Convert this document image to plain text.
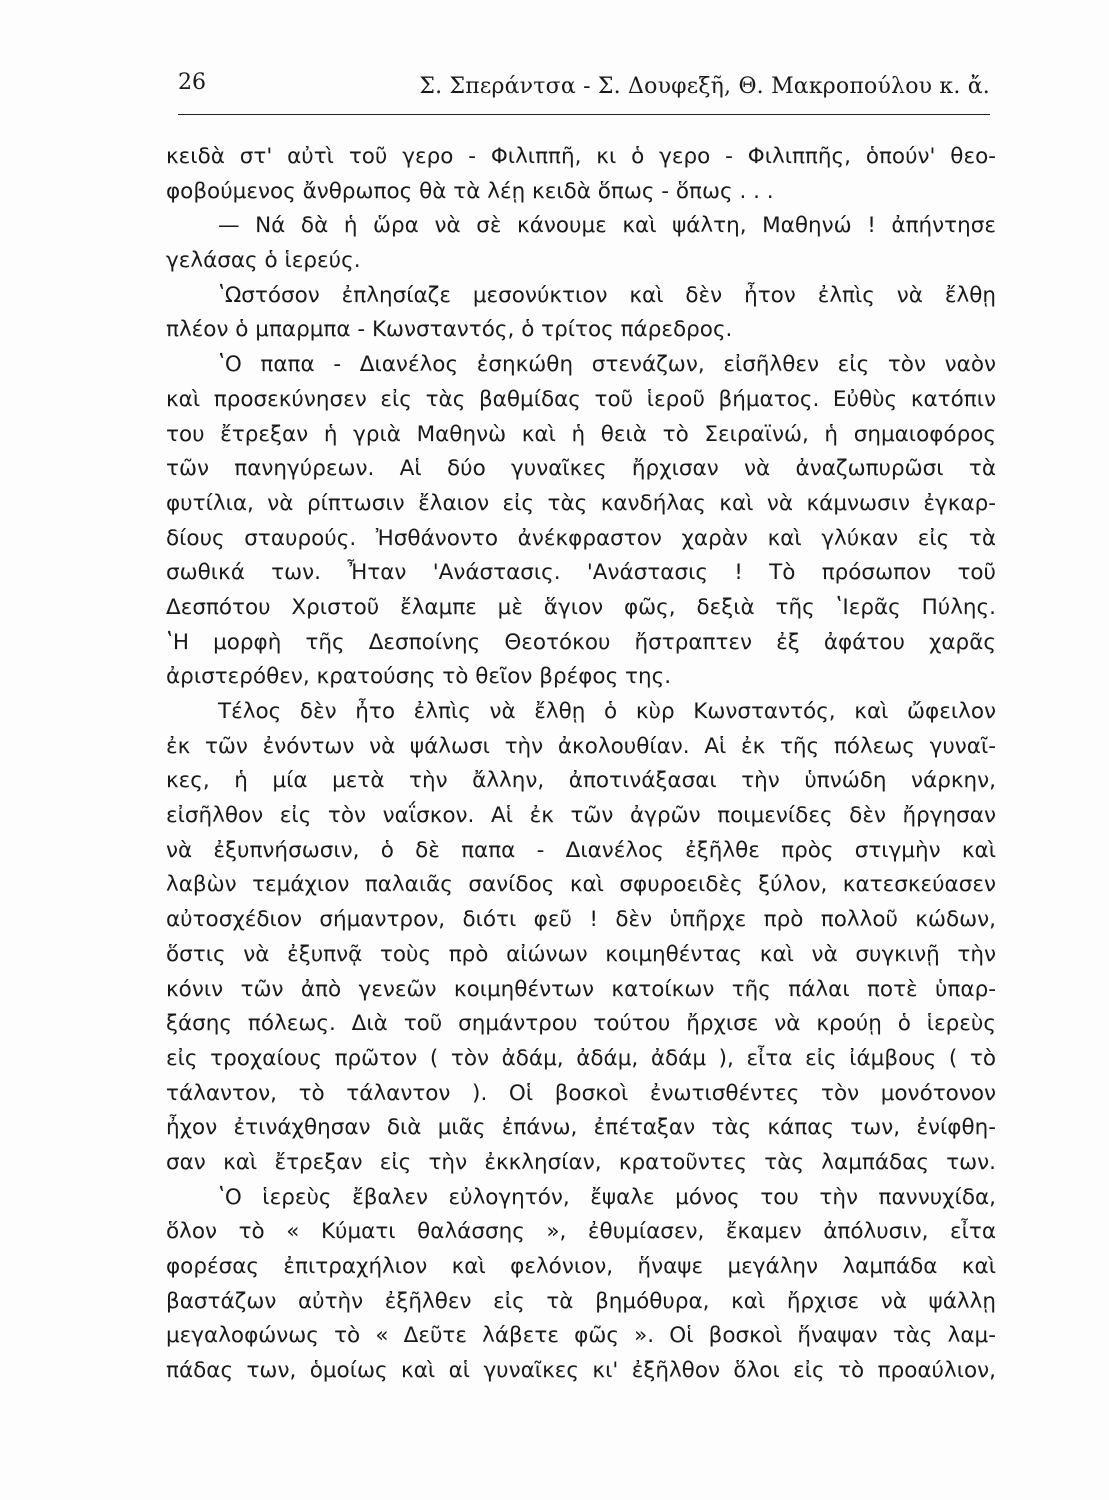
26	Σ. Σπεράντσα - Σ. Δουφεξῆ, Θ. Μακροπούλου κ. ἄ.
κειδὰ στ' αὐτὶ τοῦ γερο - Φιλιππῆ, κι ὁ γερο - Φιλιππῆς, ὁπούν' θεο-
φοβούμενος ἄνθρωπος θὰ τὰ λέῃ κειδὰ ὅπως - ὅπως . . .
— Νά δὰ ἡ ὥρα νὰ σὲ κάνουμε καὶ ψάλτη, Μαθηνώ ! ἀπήντησε
γελάσας ὁ ἱερεύς.
ʽΩστόσον ἐπλησίαζε μεσονύκτιον καὶ δὲν ἦτον ἐλπὶς νὰ ἔλθῃ
πλέον ὁ μπαρμπα - Κωνσταντός, ὁ τρίτος πάρεδρος.
ʽΟ παπα - Διανέλος ἐσηκώθη στενάζων, εἰσῆλθεν εἰς τὸν ναὸν
καὶ προσεκύνησεν εἰς τὰς βαθμίδας τοῦ ἱεροῦ βήματος. Εὐθὺς κατόπιν
του ἔτρεξαν ἡ γριὰ Μαθηνὼ καὶ ἡ θειὰ τὸ Σειραϊνώ, ἡ σημαιοφόρος
τῶν πανηγύρεων. Αἱ δύο γυναῖκες ἤρχισαν νὰ ἀναζωπυρῶσι τὰ
φυτίλια, νὰ ρίπτωσιν ἔλαιον εἰς τὰς κανδήλας καὶ νὰ κάμνωσιν ἐγκαρ-
δίους σταυρούς. Ἠσθάνοντο ἀνέκφραστον χαρὰν καὶ γλύκαν εἰς τὰ
σωθικά των. Ἦταν 'Ανάστασις. 'Ανάστασις ! Τὸ πρόσωπον τοῦ
Δεσπότου Χριστοῦ ἔλαμπε μὲ ἅγιον φῶς, δεξιὰ τῆς ʽΙερᾶς Πύλης.
ʽΗ μορφὴ τῆς Δεσποίνης Θεοτόκου ἤστραπτεν ἐξ ἀφάτου χαρᾶς
ἀριστερόθεν, κρατούσης τὸ θεῖον βρέφος της.
Τέλος δὲν ἦτο ἐλπὶς νὰ ἔλθῃ ὁ κὺρ Κωνσταντός, καὶ ὤφειλον
ἐκ τῶν ἐνόντων νὰ ψάλωσι τὴν ἀκολουθίαν. Αἱ ἐκ τῆς πόλεως γυναῖ-
κες, ἡ μία μετὰ τὴν ἄλλην, ἀποτινάξασαι τὴν ὑπνώδη νάρκην,
εἰσῆλθον εἰς τὸν ναΐσκον. Αἱ ἐκ τῶν ἀγρῶν ποιμενίδες δὲν ἤργησαν
νὰ ἐξυπνήσωσιν, ὁ δὲ παπα - Διανέλος ἐξῆλθε πρὸς στιγμὴν καὶ
λαβὼν τεμάχιον παλαιᾶς σανίδος καὶ σφυροειδὲς ξύλον, κατεσκεύασεν
αὐτοσχέδιον σήμαντρον, διότι φεῦ ! δὲν ὑπῆρχε πρὸ πολλοῦ κώδων,
ὅστις νὰ ἐξυπνᾷ τοὺς πρὸ αἰώνων κοιμηθέντας καὶ νὰ συγκινῇ τὴν
κόνιν τῶν ἀπὸ γενεῶν κοιμηθέντων κατοίκων τῆς πάλαι ποτὲ ὑπαρ-
ξάσης πόλεως. Διὰ τοῦ σημάντρου τούτου ἤρχισε νὰ κρούῃ ὁ ἱερεὺς
εἰς τροχαίους πρῶτον ( τὸν ἀδάμ, ἀδάμ, ἀδάμ ), εἶτα εἰς ἰάμβους ( τὸ
τάλαντον, τὸ τάλαντον ). Οἱ βοσκοὶ ἐνωτισθέντες τὸν μονότονον
ἦχον ἐτινάχθησαν διὰ μιᾶς ἐπάνω, ἐπέταξαν τὰς κάπας των, ἐνίφθη-
σαν καὶ ἔτρεξαν εἰς τὴν ἐκκλησίαν, κρατοῦντες τὰς λαμπάδας των.
ʽΟ ἱερεὺς ἔβαλεν εὐλογητόν, ἔψαλε μόνος του τὴν παννυχίδα,
ὅλον τὸ « Κύματι θαλάσσης », ἐθυμίασεν, ἔκαμεν ἀπόλυσιν, εἶτα
φορέσας ἐπιτραχήλιον καὶ φελόνιον, ἥναψε μεγάλην λαμπάδα καὶ
βαστάζων αὐτὴν ἐξῆλθεν εἰς τὰ βημόθυρα, καὶ ἤρχισε νὰ ψάλλῃ
μεγαλοφώνως τὸ « Δεῦτε λάβετε φῶς ». Οἱ βοσκοὶ ἥναψαν τὰς λαμ-
πάδας των, ὁμοίως καὶ αἱ γυναῖκες κι' ἐξῆλθον ὅλοι εἰς τὸ προαύλιον,
